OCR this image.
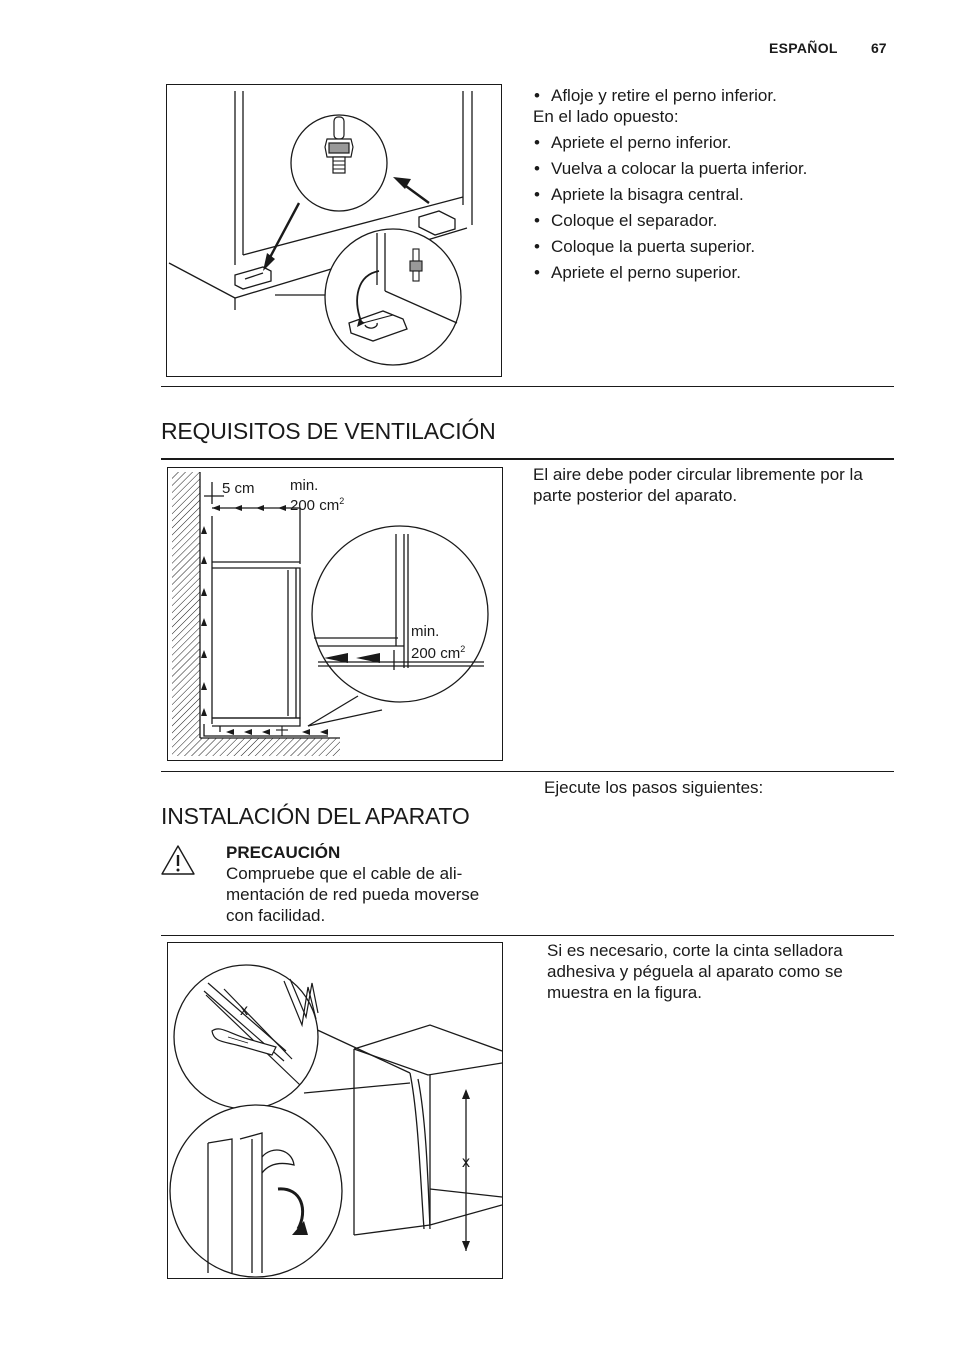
ESPAÑOL 67
• Afloje y retire el perno inferior.
En el lado opuesto:
• Apriete el perno inferior.
• Vuelva a colocar la puerta inferior.
• Apriete la bisagra central.
• Coloque el separador.
• Coloque la puerta superior.
• Apriete el perno superior.
REQUISITOS DE VENTILACIÓN
5 cm min.
200 $cm^2$
min.
200 $cm^2$
El aire debe poder circular libremente por la parte posterior del aparato.
Ejecute los pasos siguientes:
INSTALACIÓN DEL APARATO
PRECAUCIÓN
Compruebe que el cable de ali-
mentación de red pueda moverse
con facilidad.
x
x
Si es necesario, corte la cinta selladora
adhesiva y péguela al aparato como se
muestra en la figura.
